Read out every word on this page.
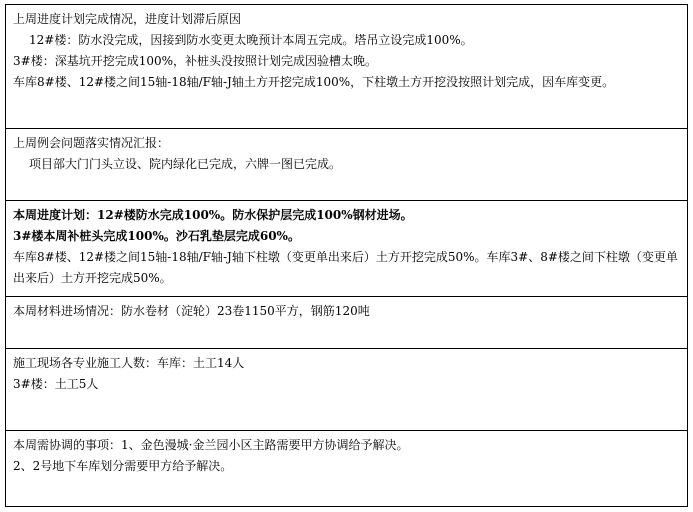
上周进度计划完成情况，进度计划滞后原因
12#楼：防水没完成，因接到防水变更太晚预计本周五完成。塔吊立设完成100%。
3#楼：深基坑开挖完成100%，补桩头没按照计划完成因验槽太晚。
车库8#楼、12#楼之间15轴-18轴/F轴-J轴土方开挖完成100%，下柱墩土方开挖没按照计划完成，因车库变更。
上周例会问题落实情况汇报：
项目部大门门头立设、院内绿化已完成，六牌一图已完成。
本周进度计划：12#楼防水完成100%。防水保护层完成100%钢材进场。
3#楼本周补桩头完成100%。沙石乳垫层完成60%。
车库8#楼、12#楼之间15轴-18轴/F轴-J轴下柱墩（变更单出来后）土方开挖完成50%。车库3#、8#楼之间下柱墩（变更单出来后）土方开挖完成50%。
本周材料进场情况：防水卷材（淀轮）23卷1150平方，钢筋120吨
施工现场各专业施工人数：车库：土工14人
3#楼：土工5人
本周需协调的事项：1、金色漫城·金兰园小区主路需要甲方协调给予解决。
2、2号地下车库划分需要甲方给予解决。
